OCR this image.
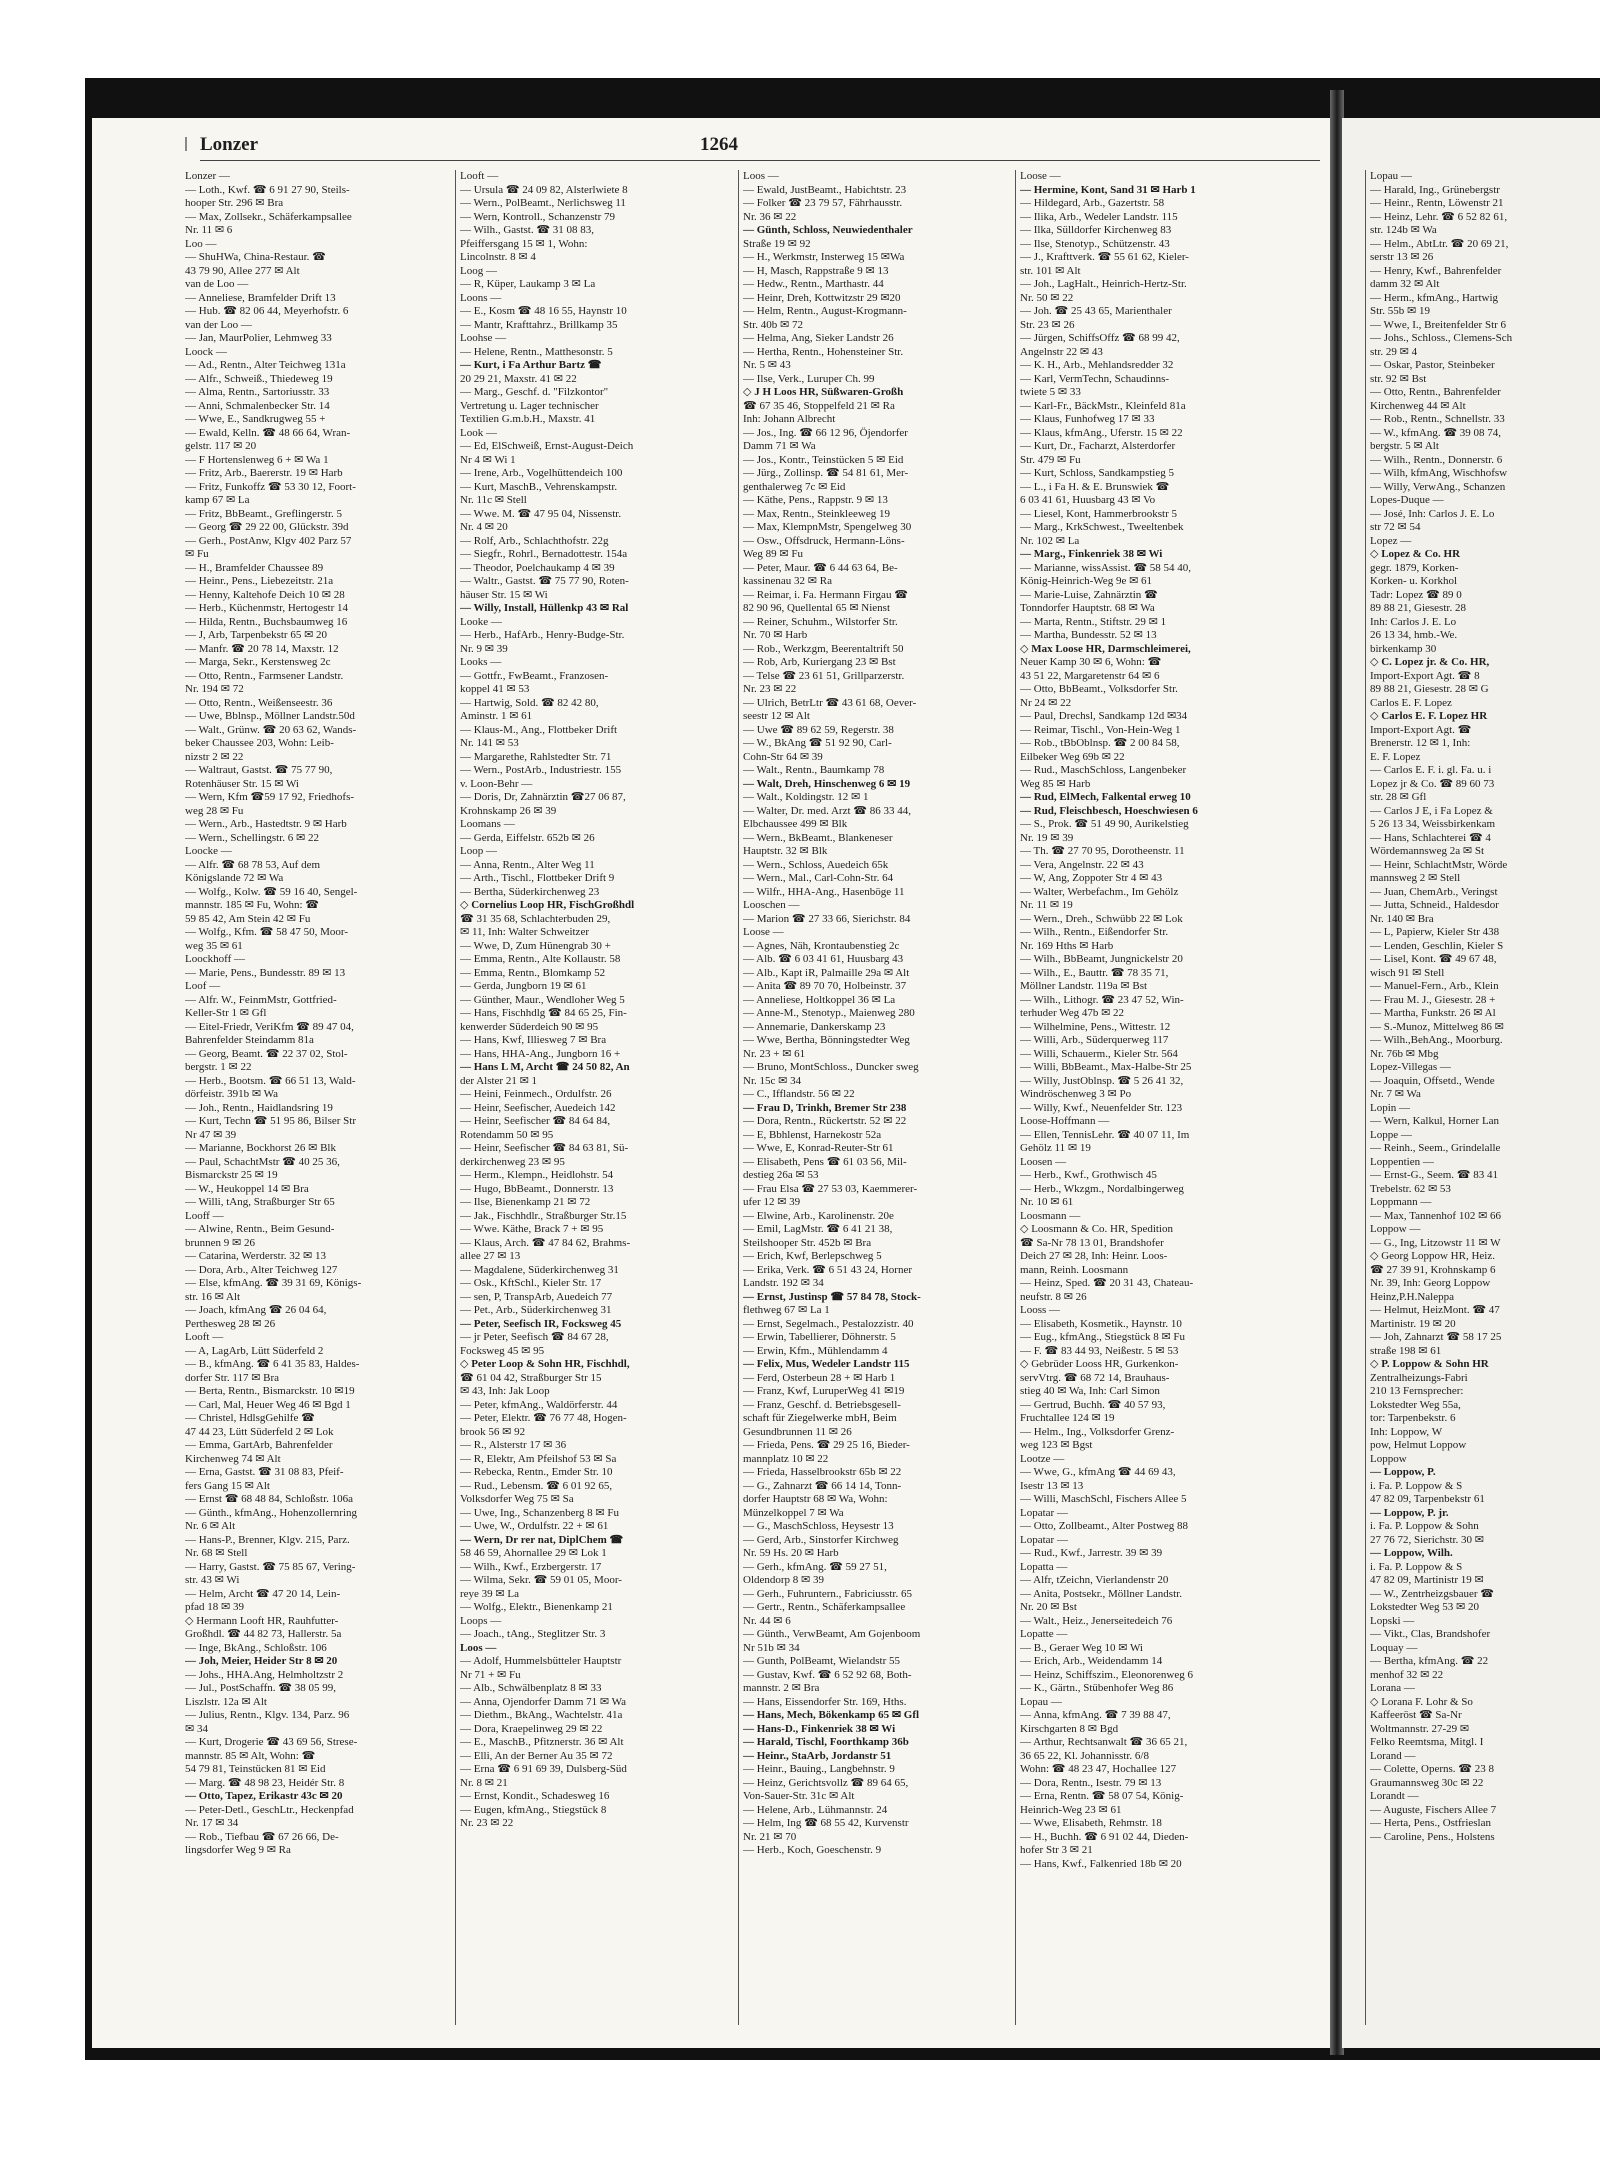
Lonzer	1264
Lonzer —
— Loth., Kwf. ☎ 6 91 27 90, Steils-
hooper Str. 296 ✉ Bra
— Max, Zollsekr., Schäferkampsallee
Nr. 11 ✉ 6
Loo —
— ShuHWa, China-Restaur. ☎
43 79 90, Allee 277 ✉ Alt
van de Loo —
— Anneliese, Bramfelder Drift 13
— Hub. ☎ 82 06 44, Meyerhofstr. 6
van der Loo —
— Jan, MaurPolier, Lehmweg 33
Loock —
— Ad., Rentn., Alter Teichweg 131a
— Alfr., Schweiß., Thiedeweg 19
— Alma, Rentn., Sartoriusstr. 33
— Anni, Schmalenbecker Str. 14
— Wwe, E., Sandkrugweg 55 +
— Ewald, Kelln. ☎ 48 66 64, Wran-
gelstr. 117 ✉ 20
— F Hortenslenweg 6 + ✉ Wa 1
— Fritz, Arb., Baererstr. 19 ✉ Harb
— Fritz, Funkoffz ☎ 53 30 12, Foort-
kamp 67 ✉ La
— Fritz, BbBeamt., Greflingerstr. 5
— Georg ☎ 29 22 00, Glückstr. 39d
— Gerh., PostAnw, Klgv 402 Parz 57
✉ Fu
— H., Bramfelder Chaussee 89
— Heinr., Pens., Liebezeitstr. 21a
— Henny, Kaltehofe Deich 10 ✉ 28
— Herb., Küchenmstr, Hertogestr 14
— Hilda, Rentn., Buchsbaumweg 16
— J, Arb, Tarpenbekstr 65 ✉ 20
— Manfr. ☎ 20 78 14, Maxstr. 12
— Marga, Sekr., Kerstensweg 2c
— Otto, Rentn., Farmsener Landstr.
Nr. 194 ✉ 72
— Otto, Rentn., Weißenseestr. 36
— Uwe, Bblnsp., Möllner Landstr.50d
— Walt., Grünw. ☎ 20 63 62, Wands-
beker Chaussee 203, Wohn: Leib-
nizstr 2 ✉ 22
— Waltraut, Gastst. ☎ 75 77 90,
Rotenhäuser Str. 15 ✉ Wi
— Wern, Kfm ☎59 17 92, Friedhofs-
weg 28 ✉ Fu
— Wern., Arb., Hastedtstr. 9 ✉ Harb
— Wern., Schellingstr. 6 ✉ 22
Loocke —
— Alfr. ☎ 68 78 53, Auf dem
Königslande 72 ✉ Wa
— Wolfg., Kolw. ☎ 59 16 40, Sengel-
mannstr. 185 ✉ Fu, Wohn: ☎
59 85 42, Am Stein 42 ✉ Fu
— Wolfg., Kfm. ☎ 58 47 50, Moor-
weg 35 ✉ 61
Loockhoff —
— Marie, Pens., Bundesstr. 89 ✉ 13
Loof —
— Alfr. W., FeinmMstr, Gottfried-
Keller-Str 1 ✉ Gfl
— Eitel-Friedr, VeriKfm ☎ 89 47 04,
Bahrenfelder Steindamm 81a
— Georg, Beamt. ☎ 22 37 02, Stol-
bergstr. 1 ✉ 22
— Herb., Bootsm. ☎ 66 51 13, Wald-
dörfeistr. 391b ✉ Wa
— Joh., Rentn., Haidlandsring 19
— Kurt, Techn ☎ 51 95 86, Bilser Str
Nr 47 ✉ 39
— Marianne, Bockhorst 26 ✉ Blk
— Paul, SchachtMstr ☎ 40 25 36,
Bismarckstr 25 ✉ 19
— W., Heukoppel 14 ✉ Bra
— Willi, tAng, Straßburger Str 65
Looff —
— Alwine, Rentn., Beim Gesund-
brunnen 9 ✉ 26
— Catarina, Werderstr. 32 ✉ 13
— Dora, Arb., Alter Teichweg 127
— Else, kfmAng. ☎ 39 31 69, Königs-
str. 16 ✉ Alt
— Joach, kfmAng ☎ 26 04 64,
Perthesweg 28 ✉ 26
Looft —
— A, LagArb, Lütt Süderfeld 2
— B., kfmAng. ☎ 6 41 35 83, Haldes-
dorfer Str. 117 ✉ Bra
— Berta, Rentn., Bismarckstr. 10 ✉19
— Carl, Mal, Heuer Weg 46 ✉ Bgd 1
— Christel, HdlsgGehilfe ☎
47 44 23, Lütt Süderfeld 2 ✉ Lok
— Emma, GartArb, Bahrenfelder
Kirchenweg 74 ✉ Alt
— Erna, Gastst. ☎ 31 08 83, Pfeif-
fers Gang 15 ✉ Alt
— Ernst ☎ 68 48 84, Schloßstr. 106a
— Günth., kfmAng., Hohenzollernring
Nr. 6 ✉ Alt
— Hans-P., Brenner, Klgv. 215, Parz.
Nr. 68 ✉ Stell
— Harry, Gastst. ☎ 75 85 67, Vering-
str. 43 ✉ Wi
— Helm, Archt ☎ 47 20 14, Lein-
pfad 18 ✉ 39
◇ Hermann Looft HR, Rauhfutter-
Großhdl. ☎ 44 82 73, Hallerstr. 5a
— Inge, BkAng., Schloßstr. 106
— Joh, Meier, Heider Str 8 ✉ 20
— Johs., HHA.Ang, Helmholtzstr 2
— Jul., PostSchaffn. ☎ 38 05 99,
Liszlstr. 12a ✉ Alt
— Julius, Rentn., Klgv. 134, Parz. 96
✉ 34
— Kurt, Drogerie ☎ 43 69 56, Strese-
mannstr. 85 ✉ Alt, Wohn: ☎
54 79 81, Teinstücken 81 ✉ Eid
— Marg. ☎ 48 98 23, Heidér Str. 8
— Otto, Tapez, Erikastr 43c ✉ 20
— Peter-Detl., GeschLtr., Heckenpfad
Nr. 17 ✉ 34
— Rob., Tiefbau ☎ 67 26 66, De-
lingsdorfer Weg 9 ✉ Ra
Looft —
— Ursula ☎ 24 09 82, Alsterlwiete 8
— Wern., PolBeamt., Nerlichsweg 11
— Wern, Kontroll., Schanzenstr 79
— Wilh., Gastst. ☎ 31 08 83,
Pfeiffersgang 15 ✉ 1, Wohn:
Lincolnstr. 8 ✉ 4
Loog —
— R, Küper, Laukamp 3 ✉ La
Loons —
— E., Kosm ☎ 48 16 55, Haynstr 10
— Mantr, Krafttahrz., Brillkamp 35
Loohse —
— Helene, Rentn., Matthesonstr. 5
— Kurt, i Fa Arthur Bartz ☎
20 29 21, Maxstr. 41 ✉ 22
— Marg., Geschf. d. "Filzkontor"
Vertretung u. Lager technischer
Textilien G.m.b.H., Maxstr. 41
Look —
— Ed, ElSchweiß, Ernst-August-Deich
Nr 4 ✉ Wi 1
— Irene, Arb., Vogelhüttendeich 100
— Kurt, MaschB., Vehrenskampstr.
Nr. 11c ✉ Stell
— Wwe. M. ☎ 47 95 04, Nissenstr.
Nr. 4 ✉ 20
— Rolf, Arb., Schlachthofstr. 22g
— Siegfr., Rohrl., Bernadottestr. 154a
— Theodor, Poelchaukamp 4 ✉ 39
— Waltr., Gastst. ☎ 75 77 90, Roten-
häuser Str. 15 ✉ Wi
— Willy, Install, Hüllenkp 43 ✉ Ral
Looke —
— Herb., HafArb., Henry-Budge-Str.
Nr. 9 ✉ 39
Looks —
— Gottfr., FwBeamt., Franzosen-
koppel 41 ✉ 53
— Hartwig, Sold. ☎ 82 42 80,
Aminstr. 1 ✉ 61
— Klaus-M., Ang., Flottbeker Drift
Nr. 141 ✉ 53
— Margarethe, Rahlstedter Str. 71
— Wern., PostArb., Industriestr. 155
v. Loon-Behr —
— Doris, Dr, Zahnärztin ☎27 06 87,
Krohnskamp 26 ✉ 39
Loomans —
— Gerda, Eiffelstr. 652b ✉ 26
Loop —
— Anna, Rentn., Alter Weg 11
— Arth., Tischl., Flottbeker Drift 9
— Bertha, Süderkirchenweg 23
◇ Cornelius Loop HR, FischGroßhdl
☎ 31 35 68, Schlachterbuden 29,
✉ 11, Inh: Walter Schweitzer
— Wwe, D, Zum Hünengrab 30 +
— Emma, Rentn., Alte Kollaustr. 58
— Emma, Rentn., Blomkamp 52
— Gerda, Jungborn 19 ✉ 61
— Günther, Maur., Wendloher Weg 5
— Hans, Fischhdlg ☎ 84 65 25, Fin-
kenwerder Süderdeich 90 ✉ 95
— Hans, Kwf, Illiesweg 7 ✉ Bra
— Hans, HHA-Ang., Jungborn 16 +
— Hans L M, Archt ☎ 24 50 82, An
der Alster 21 ✉ 1
— Heini, Feinmech., Ordulfstr. 26
— Heinr, Seefischer, Auedeich 142
— Heinr, Seefischer ☎ 84 64 84,
Rotendamm 50 ✉ 95
— Heinr, Seefischer ☎ 84 63 81, Sü-
derkirchenweg 23 ✉ 95
— Herm., Klempn., Heidlohstr. 54
— Hugo, BbBeamt., Donnerstr. 13
— Ilse, Bienenkamp 21 ✉ 72
— Jak., Fischhdlr., Straßburger Str.15
— Wwe. Käthe, Brack 7 + ✉ 95
— Klaus, Arch. ☎ 47 84 62, Brahms-
allee 27 ✉ 13
— Magdalene, Süderkirchenweg 31
— Osk., KftSchl., Kieler Str. 17
— sen, P, TranspArb, Auedeich 77
— Pet., Arb., Süderkirchenweg 31
— Peter, Seefisch IR, Focksweg 45
— jr Peter, Seefisch ☎ 84 67 28,
Focksweg 45 ✉ 95
◇ Peter Loop & Sohn HR, Fischhdl,
☎ 61 04 42, Straßburger Str 15
✉ 43, Inh: Jak Loop
— Peter, kfmAng., Waldörferstr. 44
— Peter, Elektr. ☎ 76 77 48, Hogen-
brook 56 ✉ 92
— R., Alsterstr 17 ✉ 36
— R, Elektr, Am Pfeilshof 53 ✉ Sa
— Rebecka, Rentn., Emder Str. 10
— Rud., Lebensm. ☎ 6 01 92 65,
Volksdorfer Weg 75 ✉ Sa
— Uwe, Ing., Schanzenberg 8 ✉ Fu
— Uwe, W., Ordulfstr. 22 + ✉ 61
— Wern, Dr rer nat, DiplChem ☎
58 46 59, Ahornallee 29 ✉ Lok 1
— Wilh., Kwf., Erzbergerstr. 17
— Wilma, Sekr. ☎ 59 01 05, Moor-
reye 39 ✉ La
— Wolfg., Elektr., Bienenkamp 21
Loops —
— Joach., tAng., Steglitzer Str. 3
Loos —
— Adolf, Hummelsbütteler Hauptstr
Nr 71 + ✉ Fu
— Alb., Schwälbenplatz 8 ✉ 33
— Anna, Ojendorfer Damm 71 ✉ Wa
— Diethm., BkAng., Wachtelstr. 41a
— Dora, Kraepelinweg 29 ✉ 22
— E., MaschB., Pfitznerstr. 36 ✉ Alt
— Elli, An der Berner Au 35 ✉ 72
— Erna ☎ 6 91 69 39, Dulsberg-Süd
Nr. 8 ✉ 21
— Ernst, Kondit., Schadesweg 16
— Eugen, kfmAng., Stiegstück 8
Nr. 23 ✉ 22
Loos —
— Ewald, JustBeamt., Habichtstr. 23
— Folker ☎ 23 79 57, Fährhausstr.
Nr. 36 ✉ 22
— Günth, Schloss, Neuwiedenthaler
Straße 19 ✉ 92
— H., Werkmstr, Insterweg 15 ✉Wa
— H, Masch, Rappstraße 9 ✉ 13
— Hedw., Rentn., Marthastr. 44
— Heinr, Dreh, Kottwitzstr 29 ✉20
— Helm, Rentn., August-Krogmann-
Str. 40b ✉ 72
— Helma, Ang, Sieker Landstr 26
— Hertha, Rentn., Hohensteiner Str.
Nr. 5 ✉ 43
— Ilse, Verk., Luruper Ch. 99
◇ J H Loos HR, Süßwaren-Großh
☎ 67 35 46, Stoppelfeld 21 ✉ Ra
Inh: Johann Albrecht
— Jos., Ing. ☎ 66 12 96, Öjendorfer
Damm 71 ✉ Wa
— Jos., Kontr., Teinstücken 5 ✉ Eid
— Jürg., Zollinsp. ☎ 54 81 61, Mer-
genthalerweg 7c ✉ Eid
— Käthe, Pens., Rappstr. 9 ✉ 13
— Max, Rentn., Steinkleeweg 19
— Max, KlempnMstr, Spengelweg 30
— Osw., Offsdruck, Hermann-Löns-
Weg 89 ✉ Fu
— Peter, Maur. ☎ 6 44 63 64, Be-
kassinenau 32 ✉ Ra
— Reimar, i. Fa. Hermann Firgau ☎
82 90 96, Quellental 65 ✉ Nienst
— Reiner, Schuhm., Wilstorfer Str.
Nr. 70 ✉ Harb
— Rob., Werkzgm, Beerentaltrift 50
— Rob, Arb, Kuriergang 23 ✉ Bst
— Telse ☎ 23 61 51, Grillparzerstr.
Nr. 23 ✉ 22
— Ulrich, BetrLtr ☎ 43 61 68, Oever-
seestr 12 ✉ Alt
— Uwe ☎ 89 62 59, Regerstr. 38
— W., BkAng ☎ 51 92 90, Carl-
Cohn-Str 64 ✉ 39
— Walt., Rentn., Baumkamp 78
— Walt, Dreh, Hinschenweg 6 ✉ 19
— Walt., Koldingstr. 12 ✉ 1
— Walter, Dr. med. Arzt ☎ 86 33 44,
Elbchaussee 499 ✉ Blk
— Wern., BkBeamt., Blankeneser
Hauptstr. 32 ✉ Blk
— Wern., Schloss, Auedeich 65k
— Wern., Mal., Carl-Cohn-Str. 64
— Wilfr., HHA-Ang., Hasenböge 11
Looschen —
— Marion ☎ 27 33 66, Sierichstr. 84
Loose —
— Agnes, Näh, Krontaubenstieg 2c
— Alb. ☎ 6 03 41 61, Huusbarg 43
— Alb., Kapt iR, Palmaille 29a ✉ Alt
— Anita ☎ 89 70 70, Holbeinstr. 37
— Anneliese, Holtkoppel 36 ✉ La
— Anne-M., Stenotyp., Maienweg 280
— Annemarie, Dankerskamp 23
— Wwe, Bertha, Bönningstedter Weg
Nr. 23 + ✉ 61
— Bruno, MontSchloss., Duncker sweg
Nr. 15c ✉ 34
— C., Ifflandstr. 56 ✉ 22
— Frau D, Trinkh, Bremer Str 238
— Dora, Rentn., Rückertstr. 52 ✉ 22
— E, Bbhlenst, Harnekostr 52a
— Wwe, E, Konrad-Reuter-Str 61
— Elisabeth, Pens ☎ 61 03 56, Mil-
destieg 26a ✉ 53
— Frau Elsa ☎ 27 53 03, Kaemmerer-
ufer 12 ✉ 39
— Elwine, Arb., Karolinenstr. 20e
— Emil, LagMstr. ☎ 6 41 21 38,
Steilshooper Str. 452b ✉ Bra
— Erich, Kwf, Berlepschweg 5
— Erika, Verk. ☎ 6 51 43 24, Horner
Landstr. 192 ✉ 34
— Ernst, Justinsp ☎ 57 84 78, Stock-
flethweg 67 ✉ La 1
— Ernst, Segelmach., Pestalozzistr. 40
— Erwin, Tabellierer, Döhnerstr. 5
— Erwin, Kfm., Mühlendamm 4
— Felix, Mus, Wedeler Landstr 115
— Ferd, Osterbeun 28 + ✉ Harb 1
— Franz, Kwf, LuruperWeg 41 ✉19
— Franz, Geschf. d. Betriebsgesell-
schaft für Ziegelwerke mbH, Beim
Gesundbrunnen 11 ✉ 26
— Frieda, Pens. ☎ 29 25 16, Bieder-
mannplatz 10 ✉ 22
— Frieda, Hasselbrookstr 65b ✉ 22
— G., Zahnarzt ☎ 66 14 14, Tonn-
dorfer Hauptstr 68 ✉ Wa, Wohn:
Münzelkoppel 7 ✉ Wa
— G., MaschSchloss, Heysestr 13
— Gerd, Arb., Sinstorfer Kirchweg
Nr. 59 Hs. 20 ✉ Harb
— Gerh., kfmAng. ☎ 59 27 51,
Oldendorp 8 ✉ 39
— Gerh., Fuhruntern., Fabriciusstr. 65
— Gertr., Rentn., Schäferkampsallee
Nr. 44 ✉ 6
— Günth., VerwBeamt, Am Gojenboom
Nr 51b ✉ 34
— Gunth, PolBeamt, Wielandstr 55
— Gustav, Kwf. ☎ 6 52 92 68, Both-
mannstr. 2 ✉ Bra
— Hans, Eissendorfer Str. 169, Hths.
— Hans, Mech, Bökenkamp 65 ✉ Gfl
— Hans-D., Finkenriek 38 ✉ Wi
— Harald, Tischl, Foorthkamp 36b
— Heinr., StaArb, Jordanstr 51
— Heinr., Bauing., Langbehnstr. 9
— Heinz, Gerichtsvollz ☎ 89 64 65,
Von-Sauer-Str. 31c ✉ Alt
— Helene, Arb., Lühmannstr. 24
— Helm, Ing ☎ 68 55 42, Kurvenstr
Nr. 21 ✉ 70
— Herb., Koch, Goeschenstr. 9
Loose —
— Hermine, Kont, Sand 31 ✉ Harb 1
— Hildegard, Arb., Gazertstr. 58
— Ilika, Arb., Wedeler Landstr. 115
— Ilka, Sülldorfer Kirchenweg 83
— Ilse, Stenotyp., Schützenstr. 43
— J., Krafttverk. ☎ 55 61 62, Kieler-
str. 101 ✉ Alt
— Joh., LagHalt., Heinrich-Hertz-Str.
Nr. 50 ✉ 22
— Joh. ☎ 25 43 65, Marienthaler
Str. 23 ✉ 26
— Jürgen, SchiffsOffz ☎ 68 99 42,
Angelnstr 22 ✉ 43
— K. H., Arb., Mehlandsredder 32
— Karl, VermTechn, Schaudinns-
twiete 5 ✉ 33
— Karl-Fr., BäckMstr., Kleinfeld 81a
— Klaus, Funhofweg 17 ✉ 33
— Klaus, kfmAng., Uferstr. 15 ✉ 22
— Kurt, Dr., Facharzt, Alsterdorfer
Str. 479 ✉ Fu
— Kurt, Schloss, Sandkampstieg 5
— L., i Fa H. & E. Brunswiek ☎
6 03 41 61, Huusbarg 43 ✉ Vo
— Liesel, Kont, Hammerbrookstr 5
— Marg., KrkSchwest., Tweeltenbek
Nr. 102 ✉ La
— Marg., Finkenriek 38 ✉ Wi
— Marianne, wissAssist. ☎ 58 54 40,
König-Heinrich-Weg 9e ✉ 61
— Marie-Luise, Zahnärztin ☎
Tonndorfer Hauptstr. 68 ✉ Wa
— Marta, Rentn., Stiftstr. 29 ✉ 1
— Martha, Bundesstr. 52 ✉ 13
◇ Max Loose HR, Darmschleimerei,
Neuer Kamp 30 ✉ 6, Wohn: ☎
43 51 22, Margaretenstr 64 ✉ 6
— Otto, BbBeamt., Volksdorfer Str.
Nr 24 ✉ 22
— Paul, Drechsl, Sandkamp 12d ✉34
— Reimar, Tischl., Von-Hein-Weg 1
— Rob., tBbOblnsp. ☎ 2 00 84 58,
Eilbeker Weg 69b ✉ 22
— Rud., MaschSchloss, Langenbeker
Weg 85 ✉ Harb
— Rud, ElMech, Falkental erweg 10
— Rud, Fleischbesch, Hoeschwiesen 6
— S., Prok. ☎ 51 49 90, Aurikelstieg
Nr. 19 ✉ 39
— Th. ☎ 27 70 95, Dorotheenstr. 11
— Vera, Angelnstr. 22 ✉ 43
— W, Ang, Zoppoter Str 4 ✉ 43
— Walter, Werbefachm., Im Gehölz
Nr. 11 ✉ 19
— Wern., Dreh., Schwübb 22 ✉ Lok
— Wilh., Rentn., Eißendorfer Str.
Nr. 169 Hths ✉ Harb
— Wilh., BbBeamt, Jungnickelstr 20
— Wilh., E., Bauttr. ☎ 78 35 71,
Möllner Landstr. 119a ✉ Bst
— Wilh., Lithogr. ☎ 23 47 52, Win-
terhuder Weg 47b ✉ 22
— Wilhelmine, Pens., Wittestr. 12
— Willi, Arb., Süderquerweg 117
— Willi, Schauerm., Kieler Str. 564
— Willi, BbBeamt., Max-Halbe-Str 25
— Willy, JustOblnsp. ☎ 5 26 41 32,
Windröschenweg 3 ✉ Po
— Willy, Kwf., Neuenfelder Str. 123
Loose-Hoffmann —
— Ellen, TennisLehr. ☎ 40 07 11, Im
Gehölz 11 ✉ 19
Loosen —
— Herb., Kwf., Grothwisch 45
— Herb., Wkzgm., Nordalbingerweg
Nr. 10 ✉ 61
Loosmann —
◇ Loosmann & Co. HR, Spedition
☎ Sa-Nr 78 13 01, Brandshofer
Deich 27 ✉ 28, Inh: Heinr. Loos-
mann, Reinh. Loosmann
— Heinz, Sped. ☎ 20 31 43, Chateau-
neufstr. 8 ✉ 26
Looss —
— Elisabeth, Kosmetik., Haynstr. 10
— Eug., kfmAng., Stiegstück 8 ✉ Fu
— F. ☎ 83 44 93, Neißestr. 5 ✉ 53
◇ Gebrüder Looss HR, Gurkenkon-
servVtrg. ☎ 68 72 14, Brauhaus-
stieg 40 ✉ Wa, Inh: Carl Simon
— Gertrud, Buchh. ☎ 40 57 93,
Fruchtallee 124 ✉ 19
— Helm., Ing., Volksdorfer Grenz-
weg 123 ✉ Bgst
Lootze —
— Wwe, G., kfmAng ☎ 44 69 43,
Isestr 13 ✉ 13
— Willi, MaschSchl, Fischers Allee 5
Lopatar —
— Otto, Zollbeamt., Alter Postweg 88
Lopatar —
— Rud., Kwf., Jarrestr. 39 ✉ 39
Lopatta —
— Alfr, tZeichn, Vierlandenstr 20
— Anita, Postsekr., Möllner Landstr.
Nr. 20 ✉ Bst
— Walt., Heiz., Jenerseitedeich 76
Lopatte —
— B., Geraer Weg 10 ✉ Wi
— Erich, Arb., Weidendamm 14
— Heinz, Schiffszim., Eleonorenweg 6
— K., Gärtn., Stübenhofer Weg 86
Lopau —
— Anna, kfmAng. ☎ 7 39 88 47,
Kirschgarten 8 ✉ Bgd
— Arthur, Rechtsanwalt ☎ 36 65 21,
36 65 22, Kl. Johannisstr. 6/8
Wohn: ☎ 48 23 47, Hochallee 127
— Dora, Rentn., Isestr. 79 ✉ 13
— Erna, Rentn. ☎ 58 07 54, König-
Heinrich-Weg 23 ✉ 61
— Wwe, Elisabeth, Rehmstr. 18
— H., Buchh. ☎ 6 91 02 44, Dieden-
hofer Str 3 ✉ 21
— Hans, Kwf., Falkenried 18b ✉ 20
Lopau —
— Harald, Ing., Grünebergstr
— Heinr., Rentn, Löwenstr 21
— Heinz, Lehr. ☎ 6 52 82 61,
str. 124b ✉ Wa
— Helm., AbtLtr. ☎ 20 69 21,
serstr 13 ✉ 26
— Henry, Kwf., Bahrenfelder
damm 32 ✉ Alt
— Herm., kfmAng., Hartwig
Str. 55b ✉ 19
— Wwe, I., Breitenfelder Str 6
— Johs., Schloss., Clemens-Sch
str. 29 ✉ 4
— Oskar, Pastor, Steinbeker
str. 92 ✉ Bst
— Otto, Rentn., Bahrenfelder
Kirchenweg 44 ✉ Alt
— Rob., Rentn., Schnellstr. 33
— W., kfmAng. ☎ 39 08 74,
bergstr. 5 ✉ Alt
— Wilh., Rentn., Donnerstr. 6
— Wilh, kfmAng, Wischhofsw
— Willy, VerwAng., Schanzen
Lopes-Duque —
— José, Inh: Carlos J. E. Lo
str 72 ✉ 54
Lopez —
◇ Lopez & Co. HR
gegr. 1879, Korken-
Korken- u. Korkhol
Tadr: Lopez ☎ 89 0
89 88 21, Giesestr. 28
Inh: Carlos J. E. Lo
26 13 34, hmb.-We.
birkenkamp 30
◇ C. Lopez jr. & Co. HR,
Import-Export Agt. ☎ 8
89 88 21, Giesestr. 28 ✉ G
Carlos E. F. Lopez
◇ Carlos E. F. Lopez HR
Import-Export Agt. ☎
Brenerstr. 12 ✉ 1, Inh:
E. F. Lopez
— Carlos E. F. i. gl. Fa. u. i
Lopez jr & Co. ☎ 89 60 73
str. 28 ✉ Gfl
— Carlos J E, i Fa Lopez &
5 26 13 34, Weissbirkenkam
— Hans, Schlachterei ☎ 4
Wördemannsweg 2a ✉ St
— Heinr, SchlachtMstr, Wörde
mannsweg 2 ✉ Stell
— Juan, ChemArb., Veringst
— Jutta, Schneid., Haldesdor
Nr. 140 ✉ Bra
— L, Papierw, Kieler Str 438
— Lenden, Geschlin, Kieler S
— Lisel, Kont. ☎ 49 67 48,
wisch 91 ✉ Stell
— Manuel-Fern., Arb., Klein
— Frau M. J., Giesestr. 28 +
— Martha, Funkstr. 26 ✉ Al
— S.-Munoz, Mittelweg 86 ✉
— Wilh.,BehAng., Moorburg.
Nr. 76b ✉ Mbg
Lopez-Villegas —
— Joaquin, Offsetd., Wende
Nr. 7 ✉ Wa
Lopin —
— Wern, Kalkul, Horner Lan
Loppe —
— Reinh., Seem., Grindelalle
Loppentien —
— Ernst-G., Seem. ☎ 83 41
Trebelstr. 62 ✉ 53
Loppmann —
— Max, Tannenhof 102 ✉ 66
Loppow —
— G., Ing, Litzowstr 11 ✉ W
◇ Georg Loppow HR, Heiz.
☎ 27 39 91, Krohnskamp 6
Nr. 39, Inh: Georg Loppow
Heinz,P.H.Naleppa
— Helmut, HeizMont. ☎ 47
Martinistr. 19 ✉ 20
— Joh, Zahnarzt ☎ 58 17 25
straße 198 ✉ 61
◇ P. Loppow & Sohn HR
Zentralheizungs-Fabri
210 13 Fernsprecher:
Lokstedter Weg 55a,
tor: Tarpenbekstr. 6
Inh: Loppow, W
pow, Helmut Loppow
Loppow
— Loppow, P.
i. Fa. P. Loppow & S
47 82 09, Tarpenbekstr 61
— Loppow, P. jr.
i. Fa. P. Loppow & Sohn
27 76 72, Sierichstr. 30 ✉
— Loppow, Wilh.
i. Fa. P. Loppow & S
47 82 09, Martinistr 19 ✉
— W., Zentrheizgsbauer ☎
Lokstedter Weg 53 ✉ 20
Lopski —
— Vikt., Clas, Brandshofer
Loquay —
— Bertha, kfmAng. ☎ 22
menhof 32 ✉ 22
Lorana —
◇ Lorana F. Lohr & So
Kaffeeröst ☎ Sa-Nr
Woltmannstr. 27-29 ✉
Felko Reemtsma, Mitgl. I
Lorand —
— Colette, Operns. ☎ 23 8
Graumannsweg 30c ✉ 22
Lorandt —
— Auguste, Fischers Allee 7
— Herta, Pens., Ostfrieslan
— Caroline, Pens., Holstens
